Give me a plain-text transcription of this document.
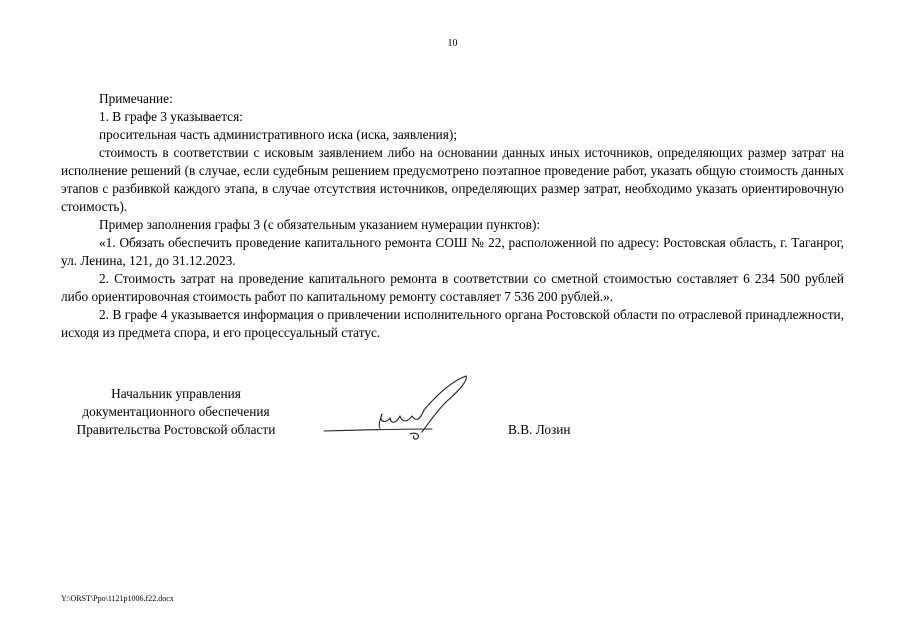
10

Примечание:

1. В графе 3 указывается:

просительная часть административного иска (иска, заявления);

стоимость в соответствии с исковым заявлением либо на основании данных иных источников, определяющих размер затрат на исполнение решений (в случае, если судебным решением предусмотрено поэтапное проведение работ, указать общую стоимость данных этапов с разбивкой каждого этапа, в случае отсутствия источников, определяющих размер затрат, необходимо указать ориентировочную стоимость).

Пример заполнения графы 3 (с обязательным указанием нумерации пунктов):

«1. Обязать обеспечить проведение капитального ремонта СОШ № 22, расположенной по адресу: Ростовская область, г. Таганрог, ул. Ленина, 121, до 31.12.2023.

2. Стоимость затрат на проведение капитального ремонта в соответствии со сметной стоимостью составляет 6 234 500 рублей либо ориентировочная стоимость работ по капитальному ремонту составляет 7 536 200 рублей.».

2. В графе 4 указывается информация о привлечении исполнительного органа Ростовской области по отраслевой принадлежности, исходя из предмета спора, и его процессуальный статус.

Начальник управления
документационного обеспечения
Правительства Ростовской области	В.В. Лозин
Y:\ORST\Ppo\1121p1006.f22.docx
